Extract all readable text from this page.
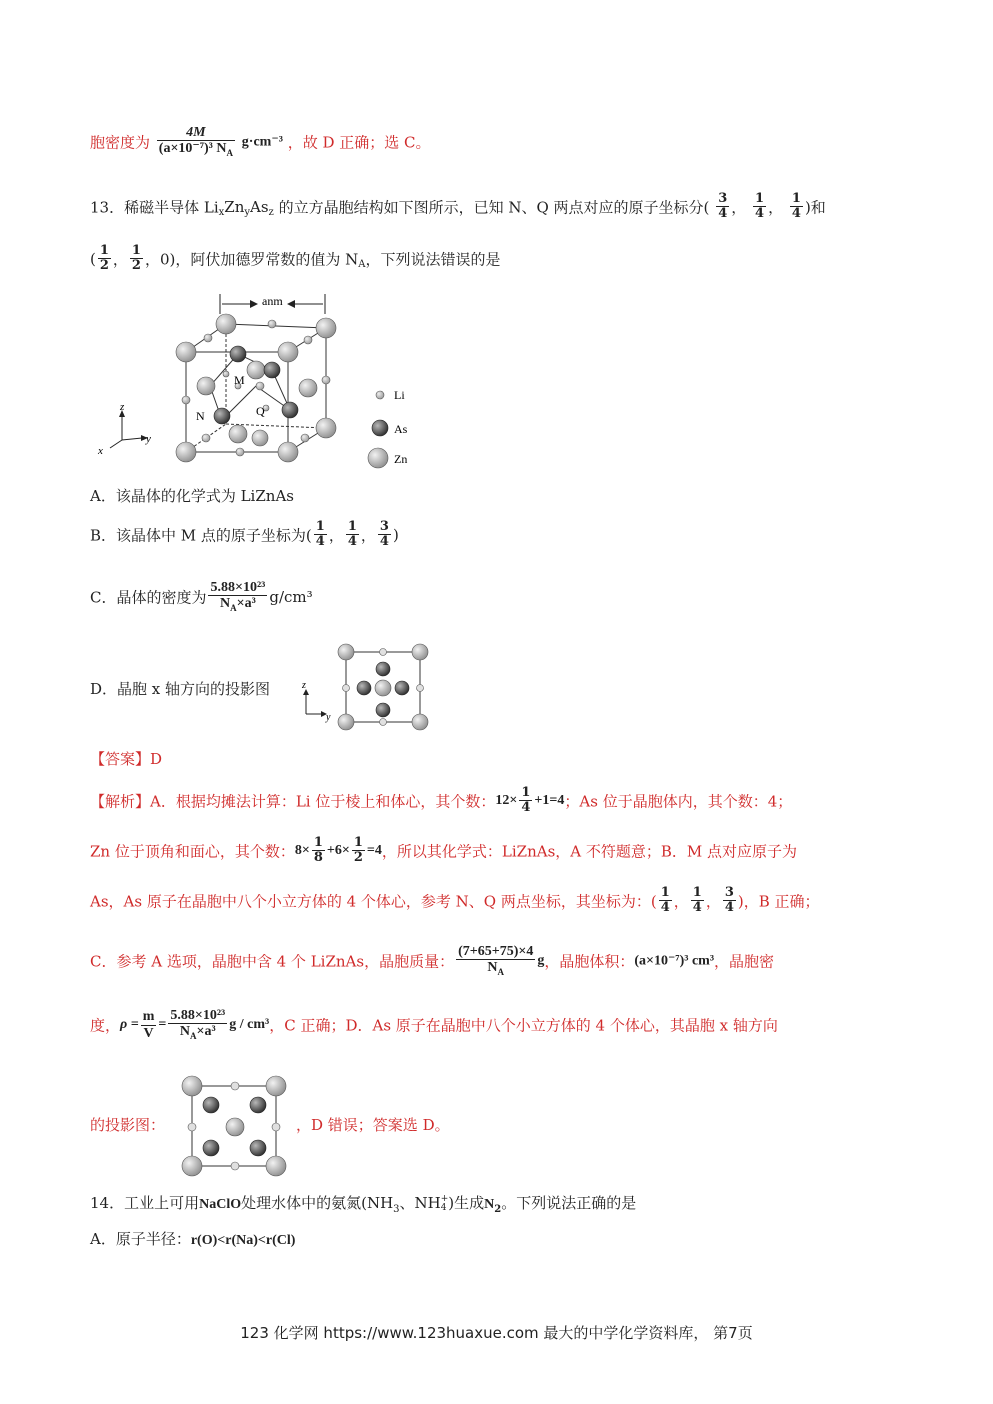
胞密度为 $\frac{4M}{(a\times 10^{-7})^3 N_A} g\cdot cm^{-3}$ ，故 D 正确；选 C。
13．稀磁半导体 $Li_xZn_yAs_z$ 的立方晶胞结构如下图所示，已知 N、Q 两点对应的原子坐标分( $\frac{3}{4}$ ， $\frac{1}{4}$ ， $\frac{1}{4}$ )和
( $\frac{1}{2}$ ， $\frac{1}{2}$ ，0)，阿伏加德罗常数的值为 $N_A$，下列说法错误的是
anm
M
N	Q
z
y
x
Li
As
Zn
A．该晶体的化学式为 LiZnAs
B．该晶体中 M 点的原子坐标为( $\frac{1}{4}$ ， $\frac{1}{4}$ ， $\frac{3}{4}$ )
C．晶体的密度为 $\frac{\text{5.88×10²³}}{N_A\times a^3} g/cm^3$
D．晶胞 x 轴方向的投影图	z
y
【答案】D
【解析】A．根据均摊法计算：Li 位于棱上和体心，其个数：$12\times \frac{1}{4} +1=4$；As 位于晶胞体内，其个数：4；
Zn 位于顶角和面心，其个数：$8\times \frac{1}{8} +6\times \frac{1}{2} =4$，所以其化学式：LiZnAs，A 不符题意；B．M 点对应原子为
As，As 原子在晶胞中八个小立方体的 4 个体心，参考 N、Q 两点坐标，其坐标为：( $\frac{1}{4}$ ， $\frac{1}{4}$ ， $\frac{3}{4}$ )，B 正确；
C．参考 A 选项，晶胞中含 4 个 LiZnAs，晶胞质量： $\frac{(7+65+75)\times 4}{N_A}$ g，晶胞体积：(a×10⁻⁷)³ cm³，晶胞密
度，$\rho = \frac{m}{V} = \frac{\text{5.88×10²³}}{N_A\times a^3}$ g / cm³，C 正确；D．As 原子在晶胞中八个小立方体的 4 个体心，其晶胞 x 轴方向
的投影图：	，D 错误；答案选 D。
14．工业上可用NaClO处理水体中的氨氮($NH_3$、NH +
4 )生成$N_2$。下列说法正确的是
A．原子半径：r(O)<r(Na)<r(Cl)
123 化学网 https://www.123huaxue.com 最大的中学化学资料库， 第7页
